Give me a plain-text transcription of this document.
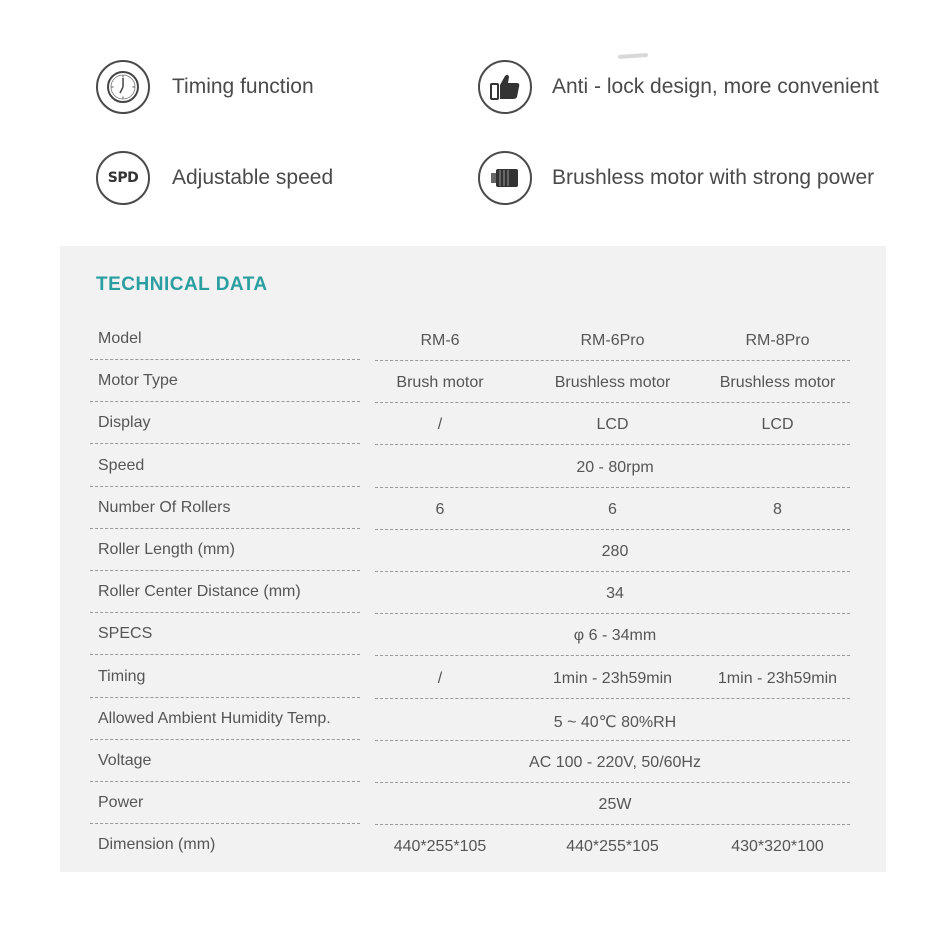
Timing function
SPD Adjustable speed
Anti - lock design, more convenient
Brushless motor with strong power
TECHNICAL DATA
Model	RM-6	RM-6Pro	RM-8Pro
Motor Type	Brush motor	Brushless motor	Brushless motor
Display	/	LCD	LCD
Speed	20 - 80rpm
Number Of Rollers	6	6	8
Roller Length (mm)	280
Roller Center Distance (mm)	34
SPECS	φ 6 - 34mm
Timing	/	1min - 23h59min	1min - 23h59min
Allowed Ambient Humidity Temp.	5 ~ 40℃ 80%RH
Voltage	AC 100 - 220V, 50/60Hz
Power	25W
Dimension (mm)	440*255*105	440*255*105	430*320*100
